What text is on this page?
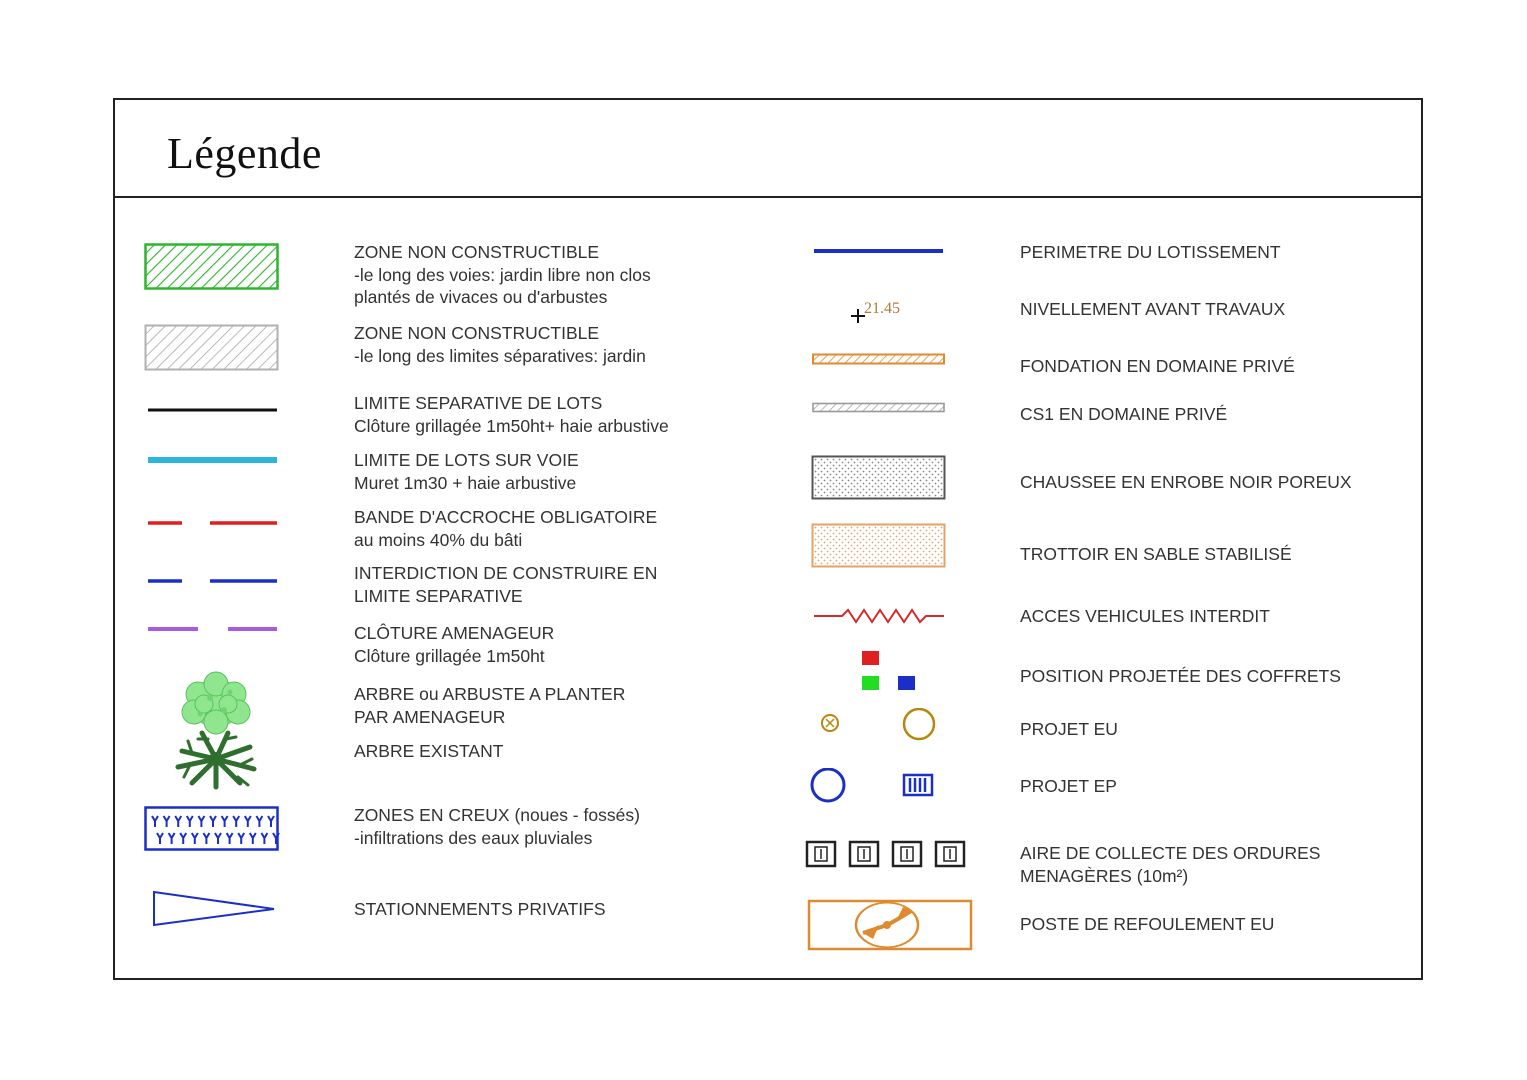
Légende
21.45
ZONE NON CONSTRUCTIBLE
-le long des voies: jardin libre non clos
plantés de vivaces ou d'arbustes
ZONE NON CONSTRUCTIBLE
-le long des limites séparatives: jardin
LIMITE SEPARATIVE DE LOTS
Clôture grillagée 1m50ht+ haie arbustive
LIMITE DE LOTS SUR VOIE
Muret 1m30 + haie arbustive
BANDE D'ACCROCHE OBLIGATOIRE
au moins 40% du bâti
INTERDICTION DE CONSTRUIRE EN
LIMITE SEPARATIVE
CLÔTURE AMENAGEUR
Clôture grillagée 1m50ht
ARBRE ou ARBUSTE A PLANTER
PAR AMENAGEUR
ARBRE EXISTANT
ZONES EN CREUX (noues - fossés)
-infiltrations des eaux pluviales
STATIONNEMENTS PRIVATIFS
PERIMETRE DU LOTISSEMENT
NIVELLEMENT AVANT TRAVAUX
FONDATION EN DOMAINE PRIVÉ
CS1 EN DOMAINE PRIVÉ
CHAUSSEE EN ENROBE NOIR POREUX
TROTTOIR EN SABLE STABILISÉ
ACCES VEHICULES INTERDIT
POSITION PROJETÉE DES COFFRETS
PROJET EU
PROJET EP
AIRE DE COLLECTE DES ORDURES
MENAGÈRES (10m²)
POSTE DE REFOULEMENT EU
